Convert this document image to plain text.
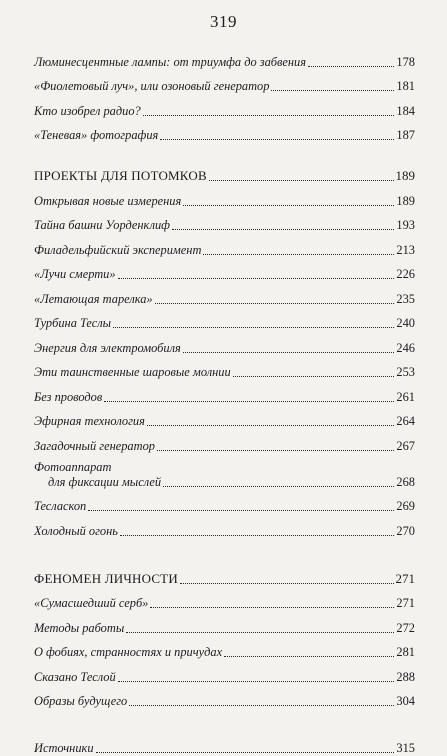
319
Люминесцентные лампы: от триумфа до забвения	178
«Фиолетовый луч», или озоновый генератор	181
Кто изобрел радио?	184
«Теневая» фотография	187
ПРОЕКТЫ ДЛЯ ПОТОМКОВ	189
Открывая новые измерения	189
Тайна башни Уорденклиф	193
Филадельфийский эксперимент	213
«Лучи смерти»	226
«Летающая тарелка»	235
Турбина Теслы	240
Энергия для электромобиля	246
Эти таинственные шаровые молнии	253
Без проводов	261
Эфирная технология	264
Загадочный генератор	267
Фотоаппарат
для фиксации мыслей	268
Тесласкоп	269
Холодный огонь	270
ФЕНОМЕН ЛИЧНОСТИ	271
«Сумасшедший серб»	271
Методы работы	272
О фобиях, странностях и причудах	281
Сказано Теслой	288
Образы будущего	304
Источники	315
